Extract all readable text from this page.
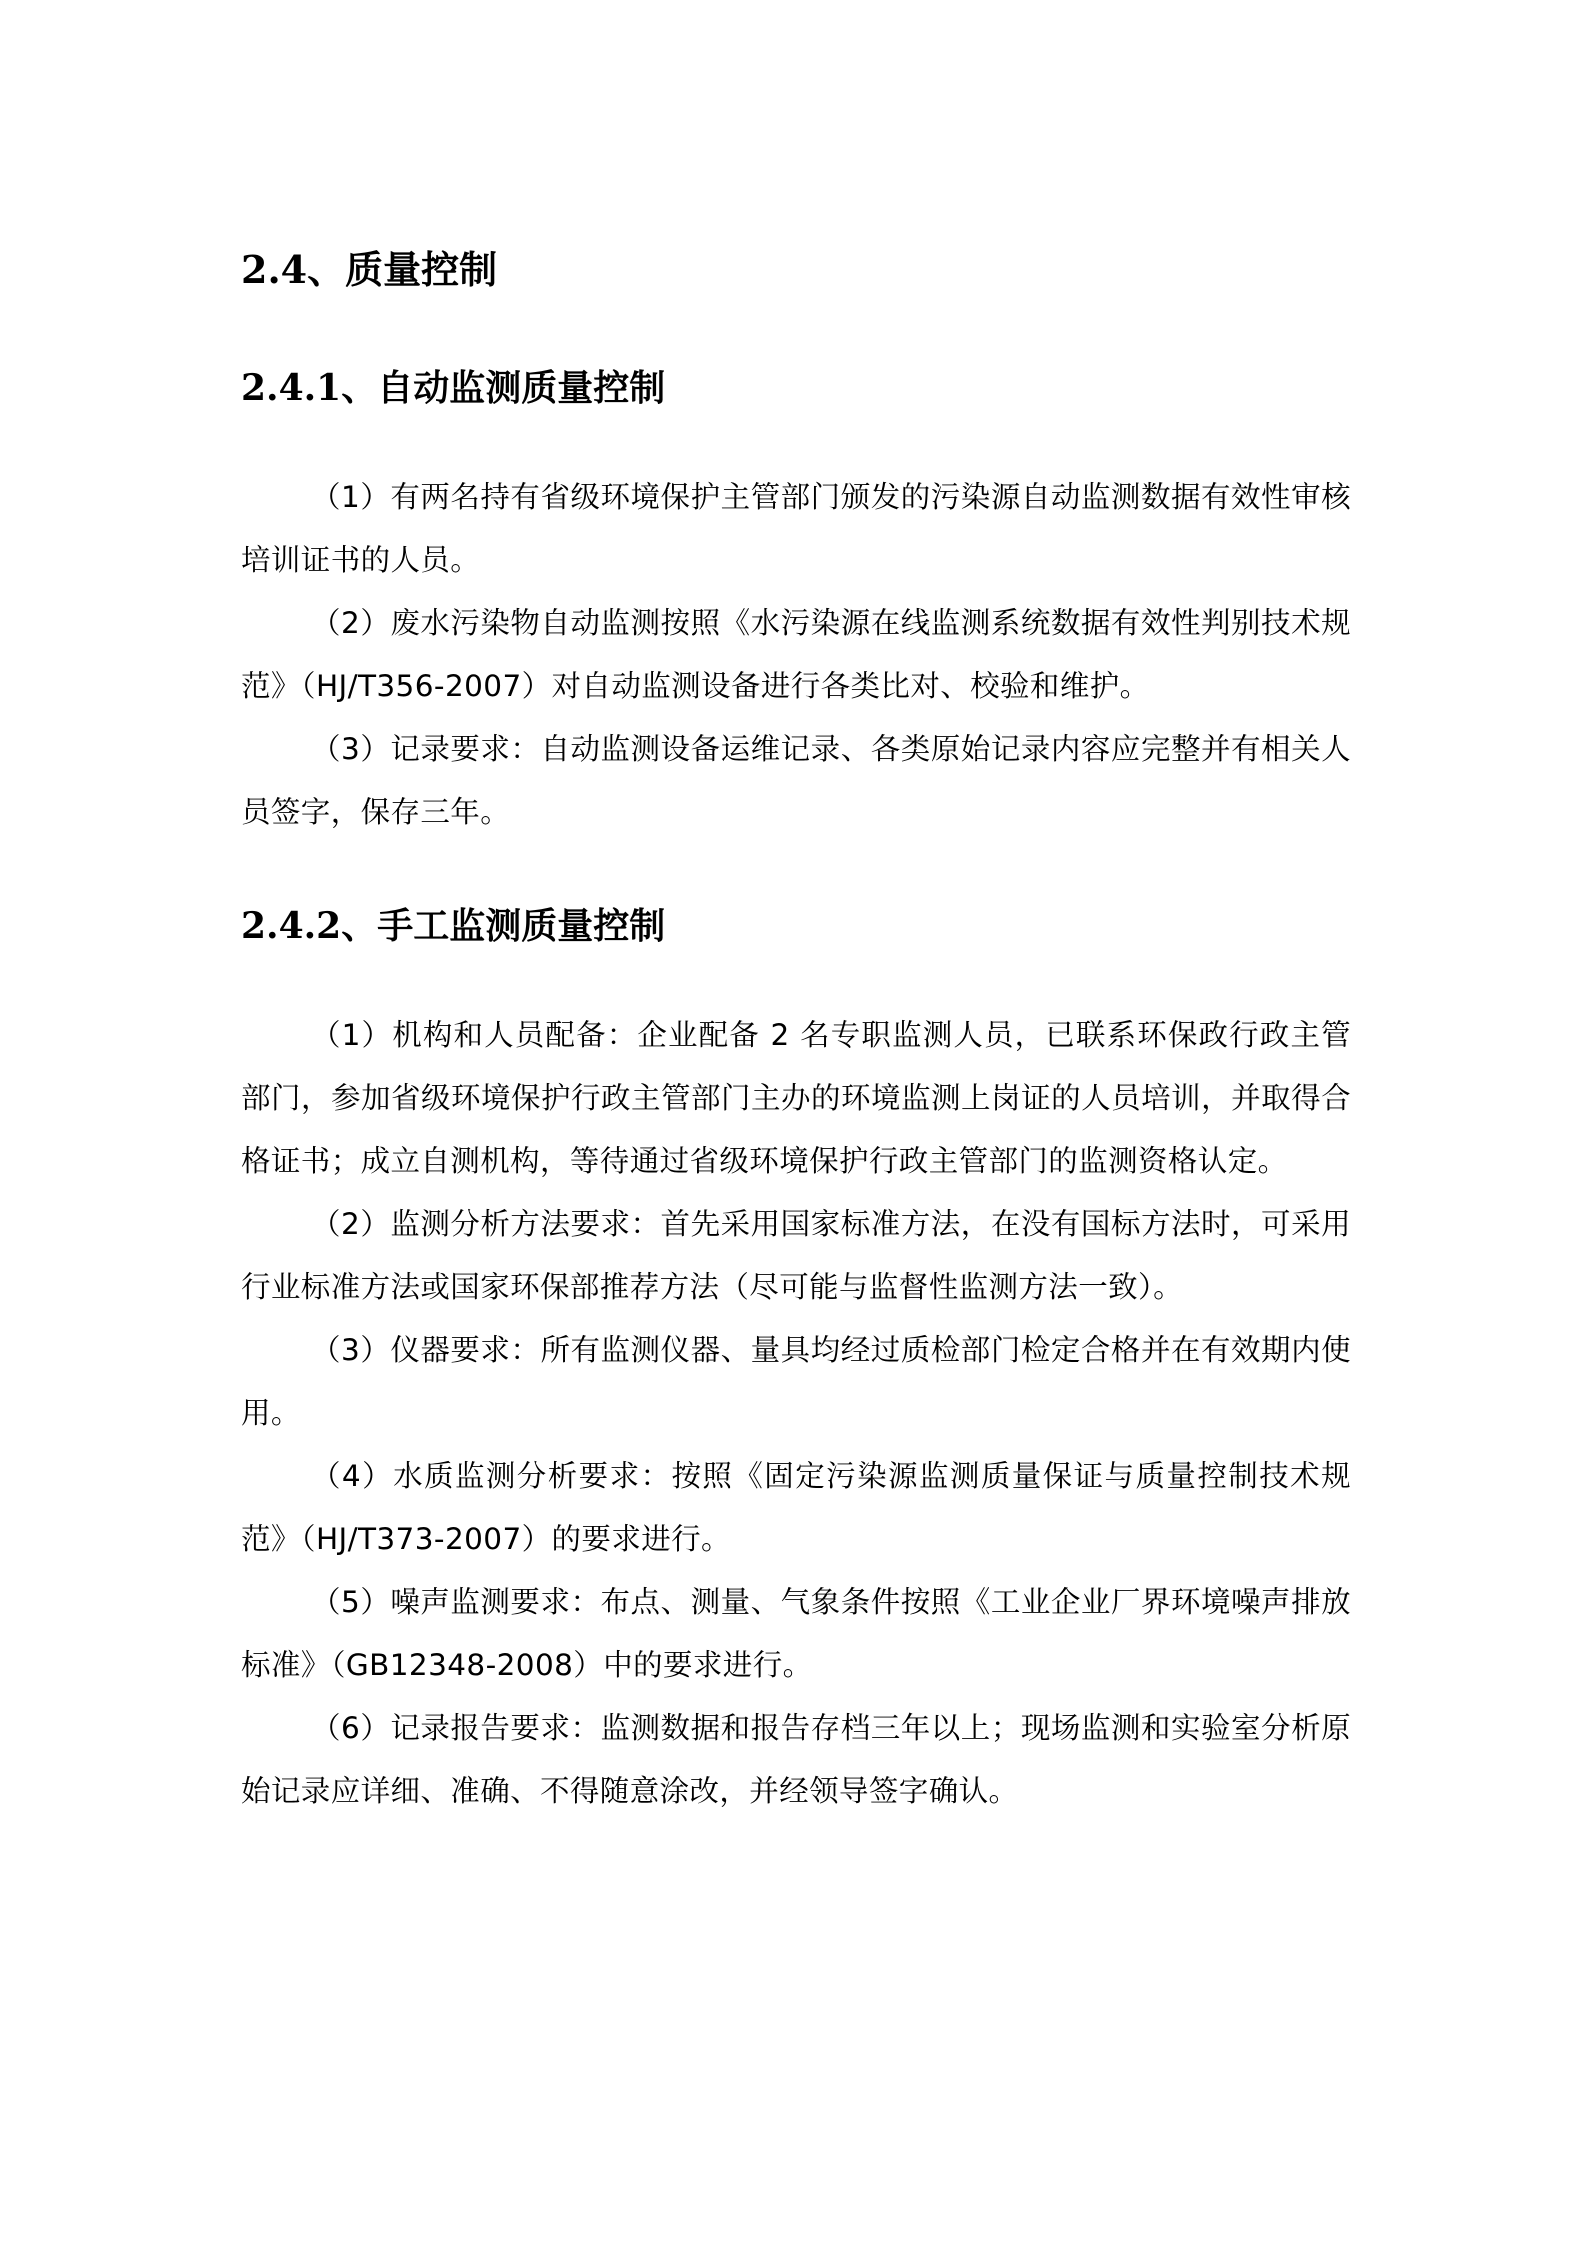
2.4、质量控制
2.4.1、自动监测质量控制

（1）有两名持有省级环境保护主管部门颁发的污染源自动监测数据有效性审核培训证书的人员。

（2）废水污染物自动监测按照《水污染源在线监测系统数据有效性判别技术规范》（HJ/T356-2007）对自动监测设备进行各类比对、校验和维护。

（3）记录要求：自动监测设备运维记录、各类原始记录内容应完整并有相关人员签字，保存三年。

2.4.2、手工监测质量控制

（1）机构和人员配备：企业配备 2 名专职监测人员，已联系环保政行政主管部门，参加省级环境保护行政主管部门主办的环境监测上岗证的人员培训，并取得合格证书；成立自测机构，等待通过省级环境保护行政主管部门的监测资格认定。

（2）监测分析方法要求：首先采用国家标准方法，在没有国标方法时，可采用行业标准方法或国家环保部推荐方法（尽可能与监督性监测方法一致）。

（3）仪器要求：所有监测仪器、量具均经过质检部门检定合格并在有效期内使用。

（4）水质监测分析要求：按照《固定污染源监测质量保证与质量控制技术规范》（HJ/T373-2007）的要求进行。

（5）噪声监测要求：布点、测量、气象条件按照《工业企业厂界环境噪声排放标准》（GB12348-2008）中的要求进行。

（6）记录报告要求：监测数据和报告存档三年以上；现场监测和实验室分析原始记录应详细、准确、不得随意涂改，并经领导签字确认。
